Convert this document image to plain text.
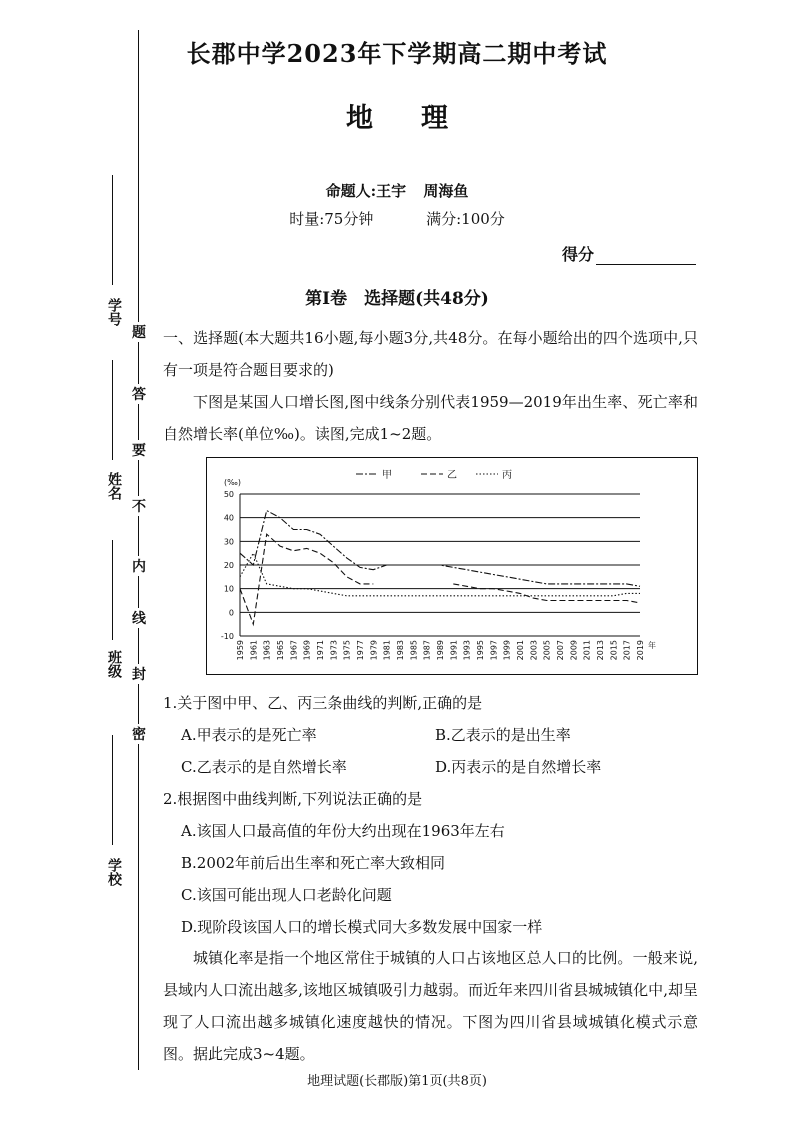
题
答
要
不
内
线
封
密
学号
姓名
班级
学校
长郡中学2023年下学期高二期中考试
地理
命题人:王宇 周海鱼
时量:75分钟	满分:100分
得分
第Ⅰ卷　选择题(共48分)
一、选择题(本大题共16小题,每小题3分,共48分。在每小题给出的四个选项中,只有一项是符合题目要求的)
下图是某国人口增长图,图中线条分别代表1959—2019年出生率、死亡率和自然增长率(单位‰)。读图,完成1~2题。
50
40
30
20
10
0
-10
(‰)
1959 1961 1963 1965 1967 1969 1971 1973 1975 1977 1979 1981 1983 1985 1987 1989 1991 1993 1995 1997 1999 2001 2003 2005 2007 2009 2011 2013 2015 2017 2019 年
甲	乙	丙
1.关于图中甲、乙、丙三条曲线的判断,正确的是
A.甲表示的是死亡率	B.乙表示的是出生率
C.乙表示的是自然增长率	D.丙表示的是自然增长率
2.根据图中曲线判断,下列说法正确的是
A.该国人口最高值的年份大约出现在1963年左右
B.2002年前后出生率和死亡率大致相同
C.该国可能出现人口老龄化问题
D.现阶段该国人口的增长模式同大多数发展中国家一样
城镇化率是指一个地区常住于城镇的人口占该地区总人口的比例。一般来说,县域内人口流出越多,该地区城镇吸引力越弱。而近年来四川省县城城镇化中,却呈现了人口流出越多城镇化速度越快的情况。下图为四川省县域城镇化模式示意图。据此完成3~4题。
地理试题(长郡版)第1页(共8页)
